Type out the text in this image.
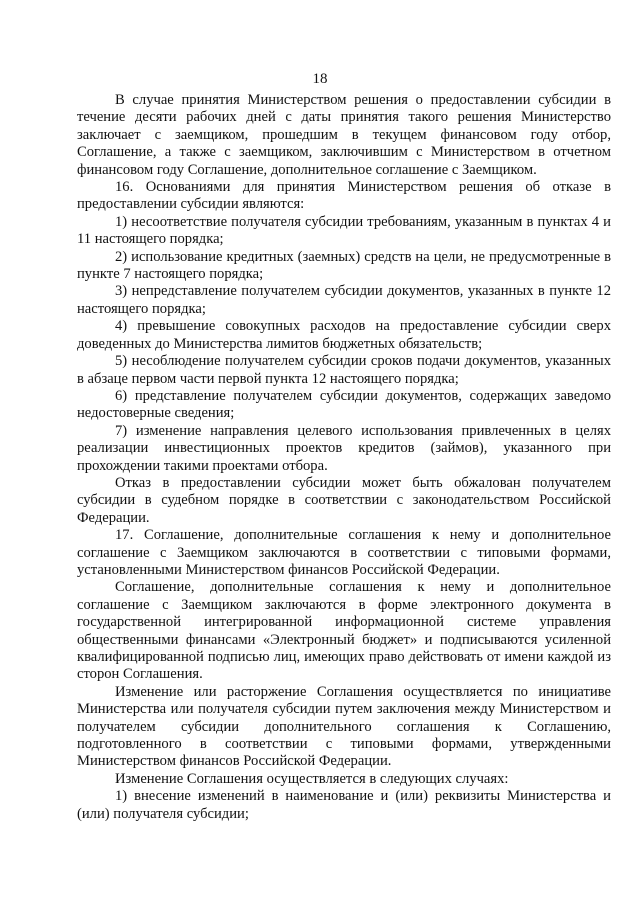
18

В случае принятия Министерством решения о предоставлении субсидии в течение десяти рабочих дней с даты принятия такого решения Министерство заключает с заемщиком, прошедшим в текущем финансовом году отбор, Соглашение, а также с заемщиком, заключившим с Министерством в отчетном финансовом году Соглашение, дополнительное соглашение с Заемщиком.

16. Основаниями для принятия Министерством решения об отказе в предоставлении субсидии являются:

1) несоответствие получателя субсидии требованиям, указанным в пунктах 4 и 11 настоящего порядка;

2) использование кредитных (заемных) средств на цели, не предусмотренные в пункте 7 настоящего порядка;

3) непредставление получателем субсидии документов, указанных в пункте 12 настоящего порядка;

4) превышение совокупных расходов на предоставление субсидии сверх доведенных до Министерства лимитов бюджетных обязательств;

5) несоблюдение получателем субсидии сроков подачи документов, указанных в абзаце первом части первой пункта 12 настоящего порядка;

6) представление получателем субсидии документов, содержащих заведомо недостоверные сведения;

7) изменение направления целевого использования привлеченных в целях реализации инвестиционных проектов кредитов (займов), указанного при прохождении такими проектами отбора.

Отказ в предоставлении субсидии может быть обжалован получателем субсидии в судебном порядке в соответствии с законодательством Российской Федерации.

17. Соглашение, дополнительные соглашения к нему и дополнительное соглашение с Заемщиком заключаются в соответствии с типовыми формами, установленными Министерством финансов Российской Федерации.

Соглашение, дополнительные соглашения к нему и дополнительное соглашение с Заемщиком заключаются в форме электронного документа в государственной интегрированной информационной системе управления общественными финансами «Электронный бюджет» и подписываются усиленной квалифицированной подписью лиц, имеющих право действовать от имени каждой из сторон Соглашения.

Изменение или расторжение Соглашения осуществляется по инициативе Министерства или получателя субсидии путем заключения между Министерством и получателем субсидии дополнительного соглашения к Соглашению, подготовленного в соответствии с типовыми формами, утвержденными Министерством финансов Российской Федерации.

Изменение Соглашения осуществляется в следующих случаях:

1) внесение изменений в наименование и (или) реквизиты Министерства и (или) получателя субсидии;
